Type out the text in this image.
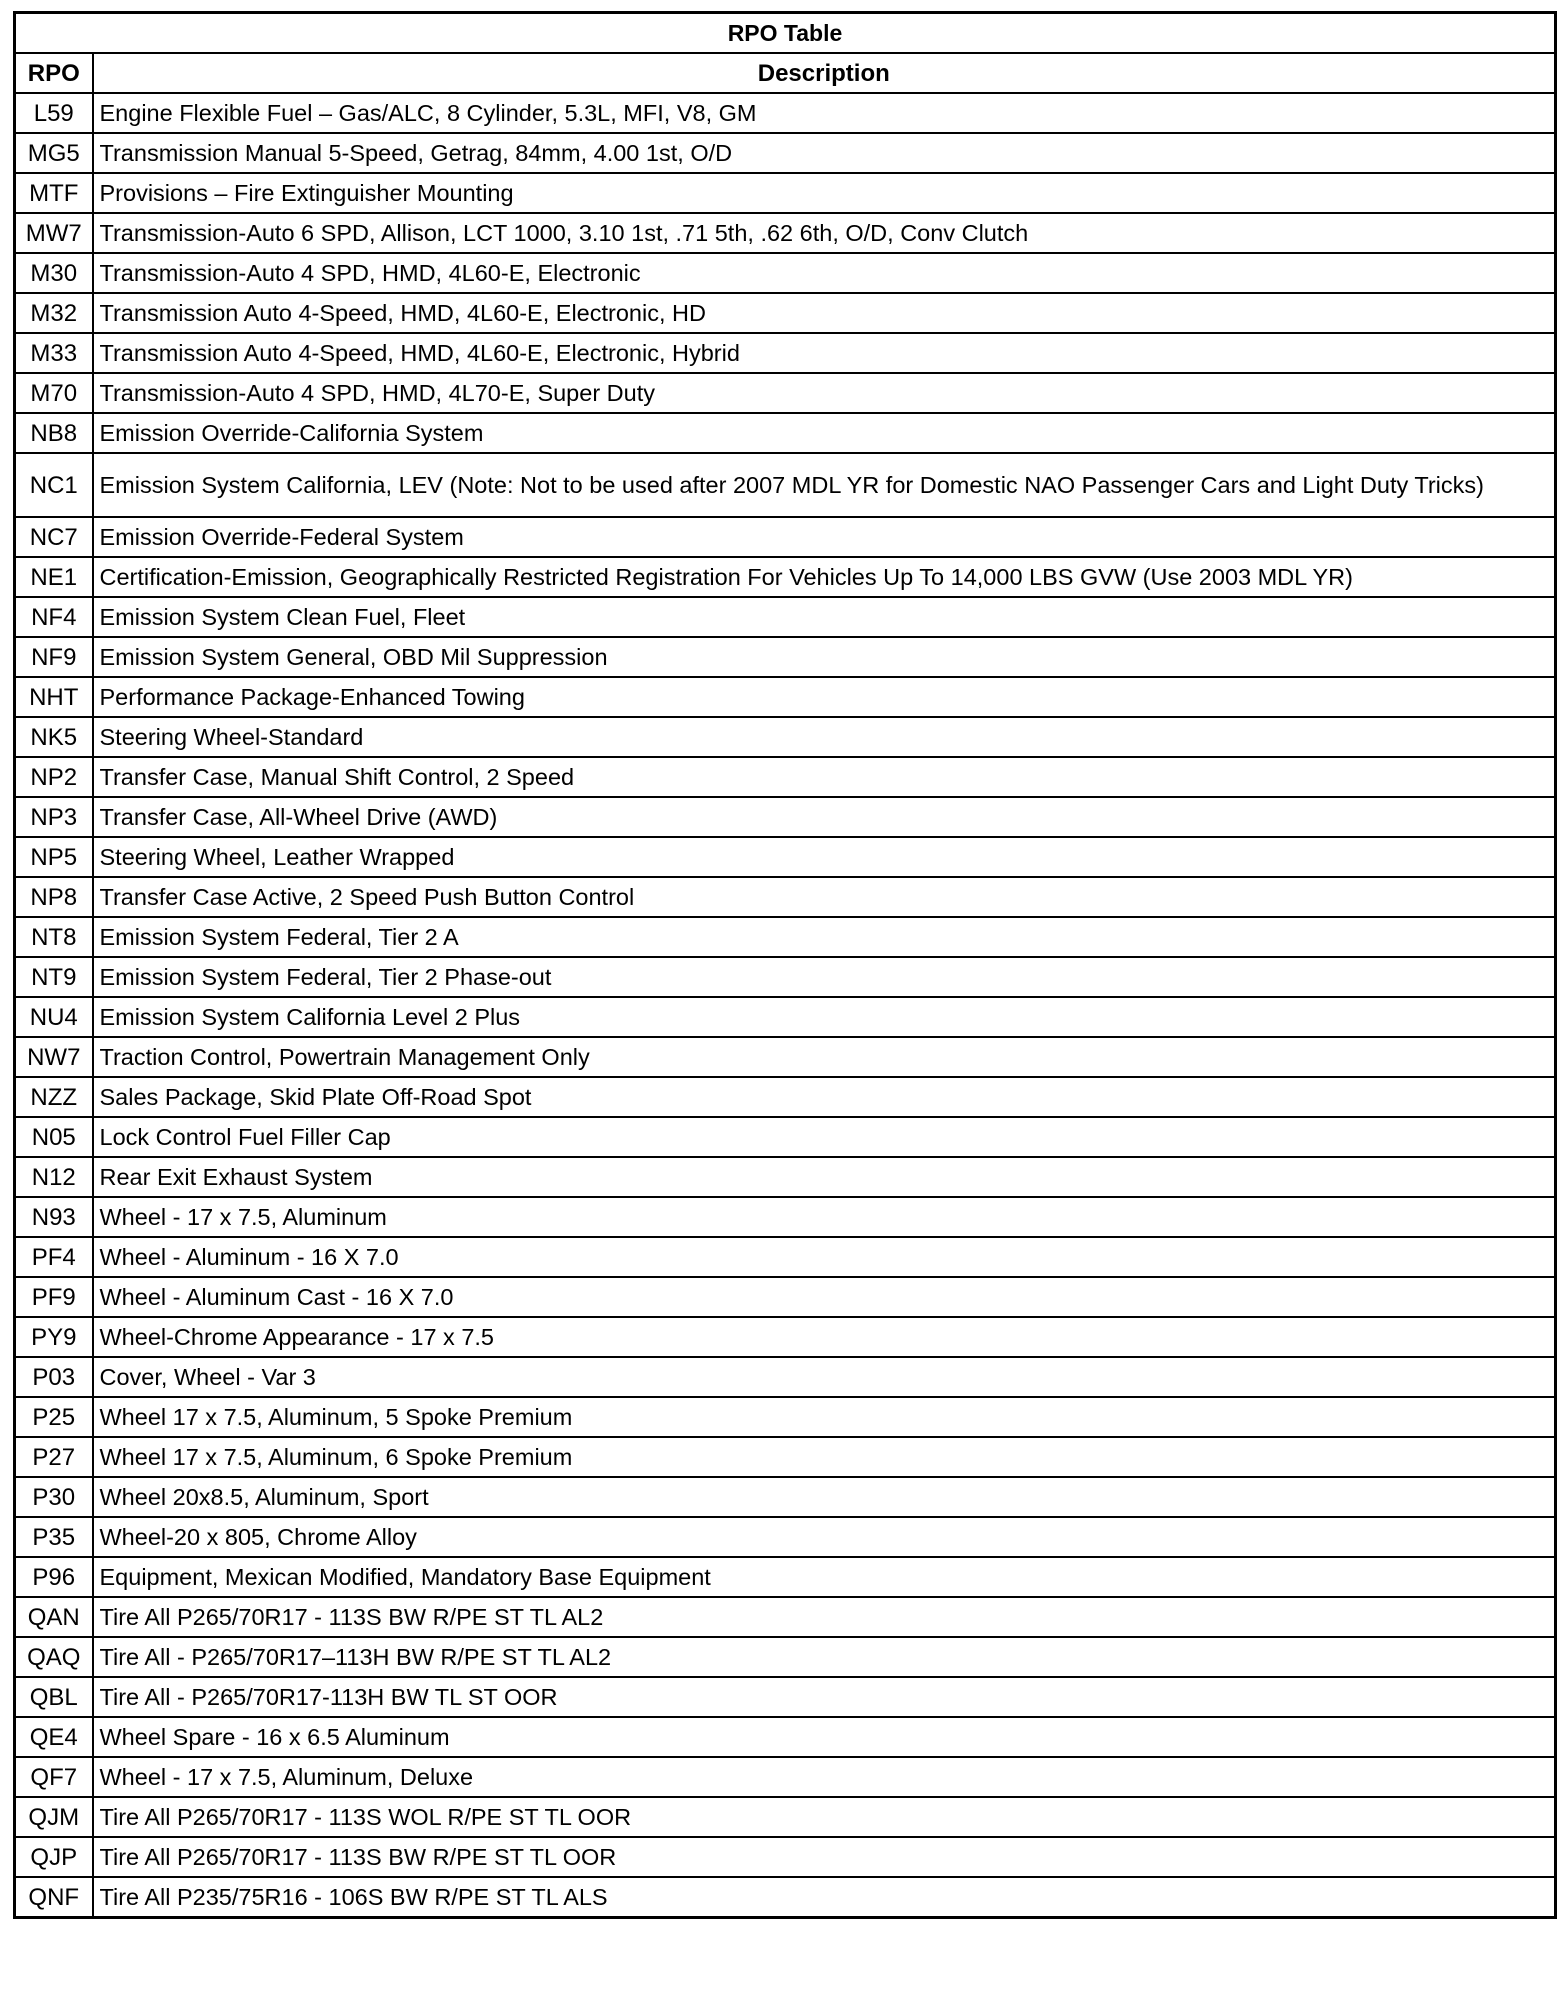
RPO Table	
RPO	Description
L59	Engine Flexible Fuel – Gas/ALC, 8 Cylinder, 5.3L, MFI, V8, GM
MG5	Transmission Manual 5-Speed, Getrag, 84mm, 4.00 1st, O/D
MTF	Provisions – Fire Extinguisher Mounting
MW7	Transmission-Auto 6 SPD, Allison, LCT 1000, 3.10 1st, .71 5th, .62 6th, O/D, Conv Clutch
M30	Transmission-Auto 4 SPD, HMD, 4L60-E, Electronic
M32	Transmission Auto 4-Speed, HMD, 4L60-E, Electronic, HD
M33	Transmission Auto 4-Speed, HMD, 4L60-E, Electronic, Hybrid
M70	Transmission-Auto 4 SPD, HMD, 4L70-E, Super Duty
NB8	Emission Override-California System
NC1	Emission System California, LEV (Note: Not to be used after 2007 MDL YR for Domestic NAO Passenger Cars and Light Duty Tricks)
NC7	Emission Override-Federal System
NE1	Certification-Emission, Geographically Restricted Registration For Vehicles Up To 14,000 LBS GVW (Use 2003 MDL YR)
NF4	Emission System Clean Fuel, Fleet
NF9	Emission System General, OBD Mil Suppression
NHT	Performance Package-Enhanced Towing
NK5	Steering Wheel-Standard
NP2	Transfer Case, Manual Shift Control, 2 Speed
NP3	Transfer Case, All-Wheel Drive (AWD)
NP5	Steering Wheel, Leather Wrapped
NP8	Transfer Case Active, 2 Speed Push Button Control
NT8	Emission System Federal, Tier 2 A
NT9	Emission System Federal, Tier 2 Phase-out
NU4	Emission System California Level 2 Plus
NW7	Traction Control, Powertrain Management Only
NZZ	Sales Package, Skid Plate Off-Road Spot
N05	Lock Control Fuel Filler Cap
N12	Rear Exit Exhaust System
N93	Wheel - 17 x 7.5, Aluminum
PF4	Wheel - Aluminum - 16 X 7.0
PF9	Wheel - Aluminum Cast - 16 X 7.0
PY9	Wheel-Chrome Appearance - 17 x 7.5
P03	Cover, Wheel - Var 3
P25	Wheel 17 x 7.5, Aluminum, 5 Spoke Premium
P27	Wheel 17 x 7.5, Aluminum, 6 Spoke Premium
P30	Wheel 20x8.5, Aluminum, Sport
P35	Wheel-20 x 805, Chrome Alloy
P96	Equipment, Mexican Modified, Mandatory Base Equipment
QAN	Tire All P265/70R17 - 113S BW R/PE ST TL AL2
QAQ	Tire All - P265/70R17–113H BW R/PE ST TL AL2
QBL	Tire All - P265/70R17-113H BW TL ST OOR
QE4	Wheel Spare - 16 x 6.5 Aluminum
QF7	Wheel - 17 x 7.5, Aluminum, Deluxe
QJM	Tire All P265/70R17 - 113S WOL R/PE ST TL OOR
QJP	Tire All P265/70R17 - 113S BW R/PE ST TL OOR
QNF	Tire All P235/75R16 - 106S BW R/PE ST TL ALS
